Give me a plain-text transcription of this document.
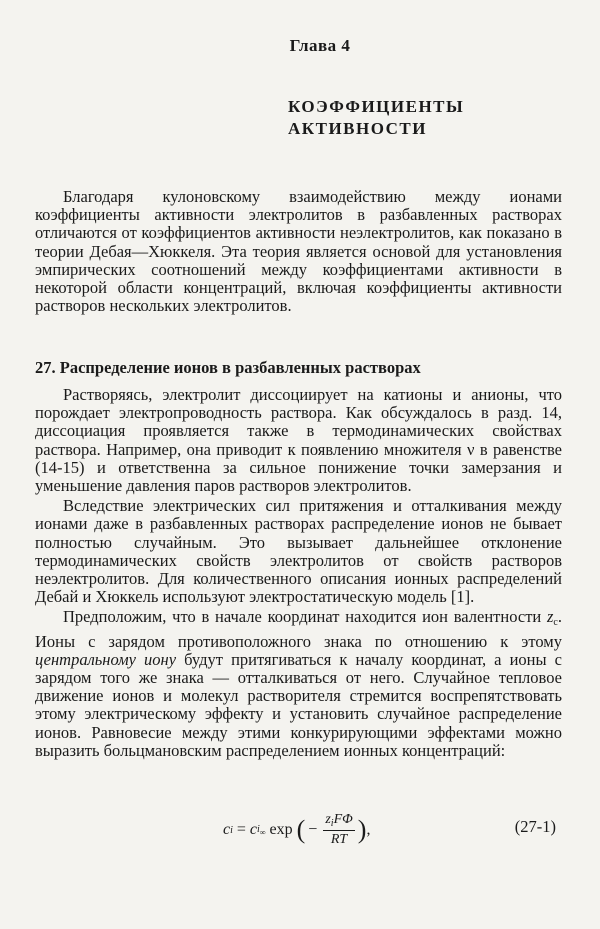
Глава 4
КОЭФФИЦИЕНТЫ
АКТИВНОСТИ

Благодаря кулоновскому взаимодействию между ионами коэффициенты активности электролитов в разбавленных растворах отличаются от коэффициентов активности неэлектролитов, как показано в теории Дебая—Хюккеля. Эта теория является основой для установления эмпирических соотношений между коэффициентами активности в некоторой области концентраций, включая коэффициенты активности растворов нескольких электролитов.

27. Распределение ионов в разбавленных растворах

Растворяясь, электролит диссоциирует на катионы и анионы, что порождает электропроводность раствора. Как обсуждалось в разд. 14, диссоциация проявляется также в термодинамических свойствах раствора. Например, она приводит к появлению множителя ν в равенстве (14-15) и ответственна за сильное понижение точки замерзания и уменьшение давления паров растворов электролитов.

Вследствие электрических сил притяжения и отталкивания между ионами даже в разбавленных растворах распределение ионов не бывает полностью случайным. Это вызывает дальнейшее отклонение термодинамических свойств электролитов от свойств растворов неэлектролитов. Для количественного описания ионных распределений Дебай и Хюккель используют электростатическую модель [1].

Предположим, что в начале координат находится ион валентности $z_c$. Ионы с зарядом противоположного знака по отношению к этому центральному иону будут притягиваться к началу координат, а ионы с зарядом того же знака — отталкиваться от него. Случайное тепловое движение ионов и молекул растворителя стремится воспрепятствовать этому электрическому эффекту и установить случайное распределение ионов. Равновесие между этими конкурирующими эффектами можно выразить больцмановским распределением ионных концентраций:

c i = c $i_\infty$ exp ( − $\frac{z_iF\Phi}{RT}$ ) ,	(27-1)
